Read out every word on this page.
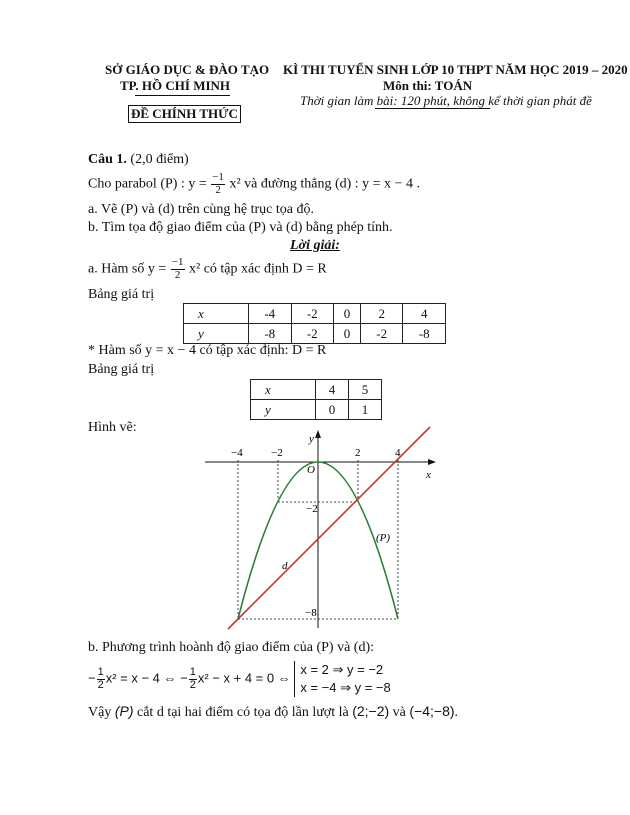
SỞ GIÁO DỤC & ĐÀO TẠO
TP. HỒ CHÍ MINH
ĐỀ CHÍNH THỨC
KÌ THI TUYỂN SINH LỚP 10 THPT NĂM HỌC 2019 – 2020
Môn thi: TOÁN
Thời gian làm bài: 120 phút, không kể thời gian phát đề
Câu 1. (2,0 điểm)
Cho parabol (P) : $y = \frac{-1}{2} x^2$ và đường thẳng (d) : y = x − 4 .
a. Vẽ (P) và (d) trên cùng hệ trục tọa độ.
b. Tìm tọa độ giao điểm của (P) và (d) bằng phép tính.
Lời giải:
a. Hàm số $y = \frac{-1}{2} x^2$ có tập xác định D = R
Bảng giá trị
x	-4	-2	0	2	4
y	-8	-2	0	-2	-8
* Hàm số y = x − 4 có tập xác định: D = R
Bảng giá trị
x	4	5
y	0	1
Hình vẽ:
x
y
O
−4	−2	2	4
−2
−8
(P)
d
b. Phương trình hoành độ giao điểm của (P) và (d):
− $\frac{1}{2} x^2 = x - 4$ ⇔ − $\frac{1}{2} x^2 - x + 4 = 0$ ⇔
x = 2 ⇒ y = −2
x = −4 ⇒ y = −8
Vậy (P) cắt d tại hai điểm có tọa độ lần lượt là (2;−2) và (−4;−8).
